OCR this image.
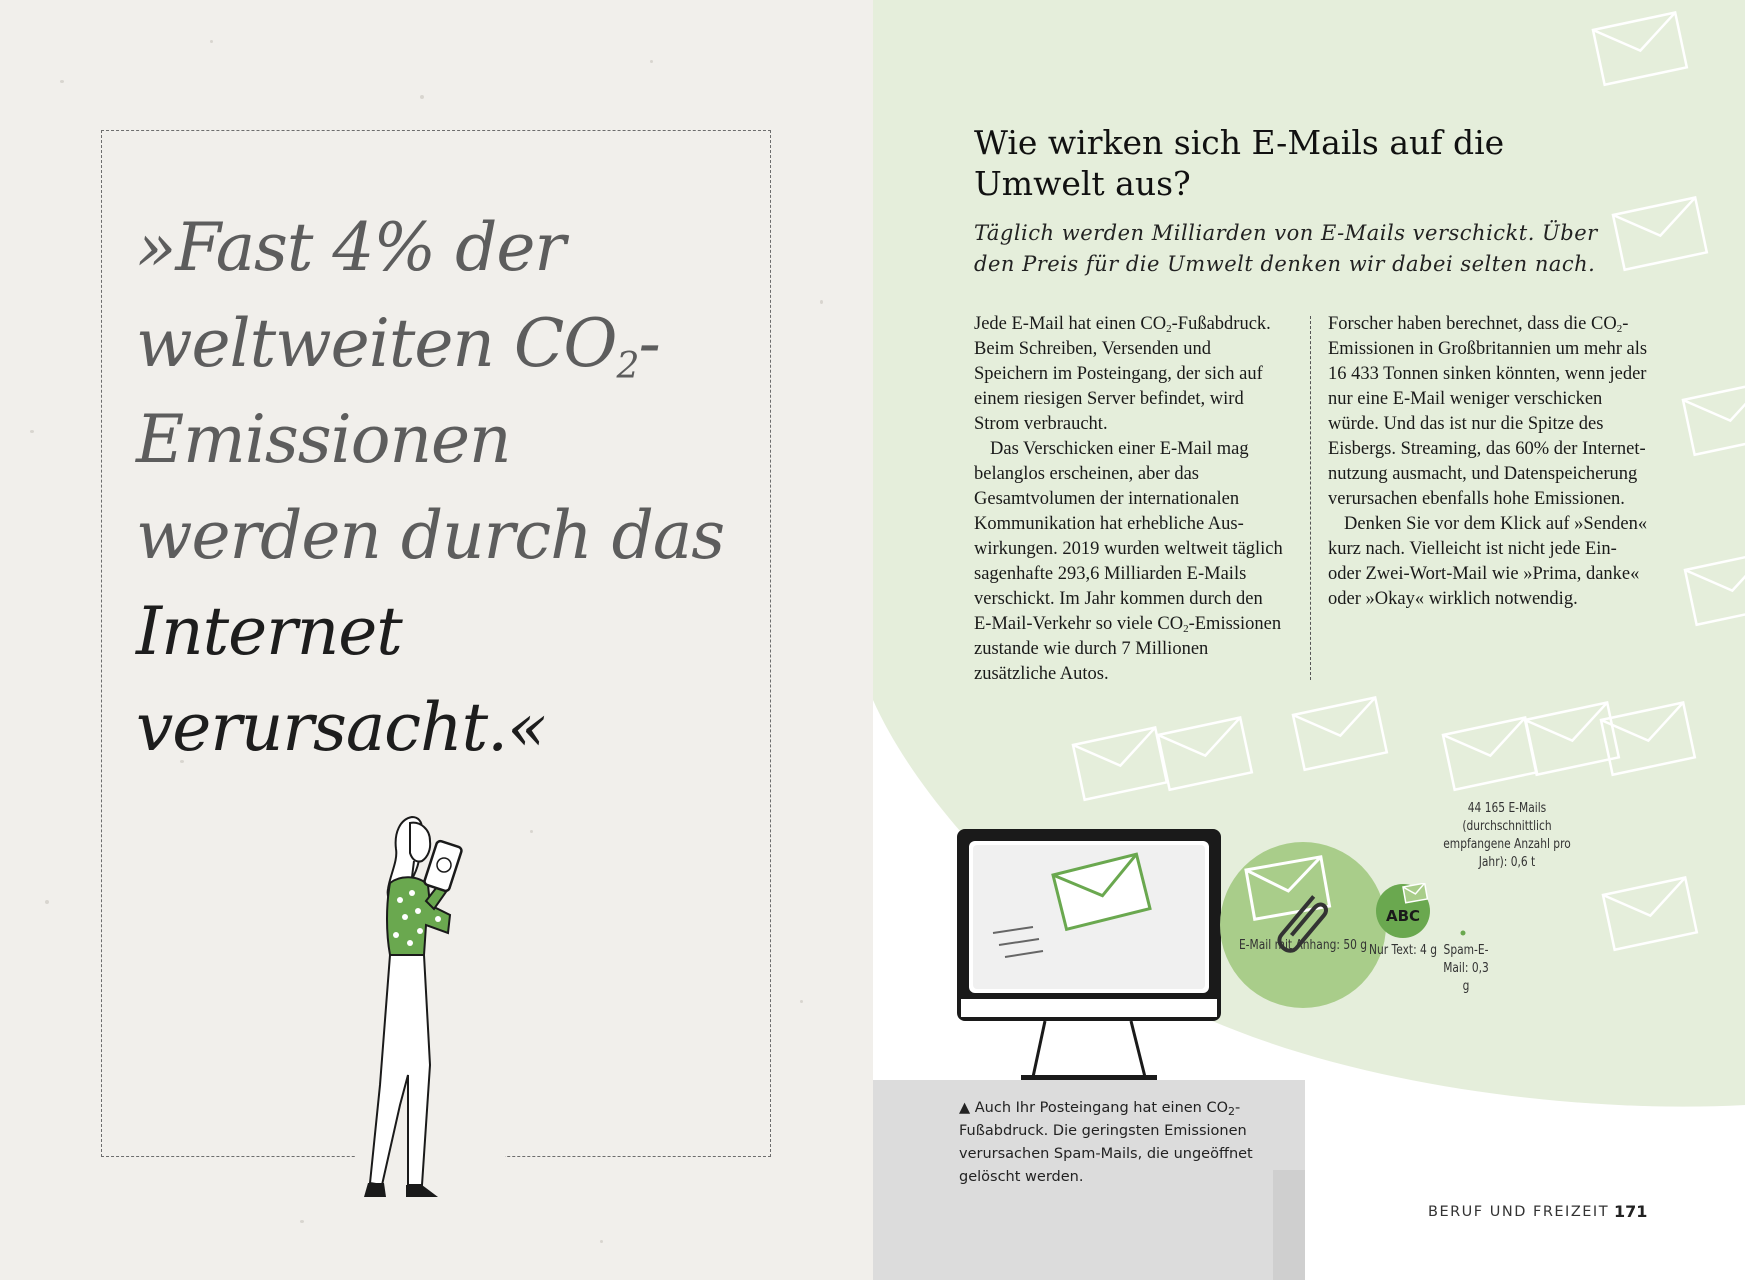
»Fast 4% der weltweiten $CO_2$-Emissionen werden durch das Internet verursacht.«
Wie wirken sich E-Mails auf die Umwelt aus?
Täglich werden Milliarden von E-Mails verschickt. Über den Preis für die Umwelt denken wir dabei selten nach.

Jede E-Mail hat einen $CO_2$-Fußabdruck. Beim Schreiben, Versenden und Speichern im Posteingang, der sich auf einem riesigen Server befindet, wird Strom verbraucht.

Das Verschicken einer E-Mail mag belanglos erscheinen, aber das Gesamtvolumen der internationalen Kommunikation hat erhebliche Auswirkungen. 2019 wurden weltweit täglich sagenhafte 293,6 Milliarden E-Mails verschickt. Im Jahr kommen durch den E-Mail-Verkehr so viele $CO_2$-Emissionen zustande wie durch 7 Millionen zusätzliche Autos.

Forscher haben berechnet, dass die $CO_2$-Emissionen in Großbritannien um mehr als 16 433 Tonnen sinken könnten, wenn jeder nur eine E-Mail weniger verschicken würde. Und das ist nur die Spitze des Eisbergs. Streaming, das 60% der Internetnutzung ausmacht, und Datenspeicherung verursachen ebenfalls hohe Emissionen.

Denken Sie vor dem Klick auf »Senden« kurz nach. Vielleicht ist nicht jede Ein- oder Zwei-Wort-Mail wie »Prima, danke« oder »Okay« wirklich notwendig.

E-Mail mit Anhang: 50 g
ABC
Nur Text: 4 g Spam-E-Mail: 0,3 g
44 165 E-Mails (durchschnittlich empfangene Anzahl pro Jahr): 0,6 t
▲ Auch Ihr Posteingang hat einen $CO_2$-Fußabdruck. Die geringsten Emissionen verursachen Spam-Mails, die ungeöffnet gelöscht werden.
BERUF UND FREIZEIT 171
